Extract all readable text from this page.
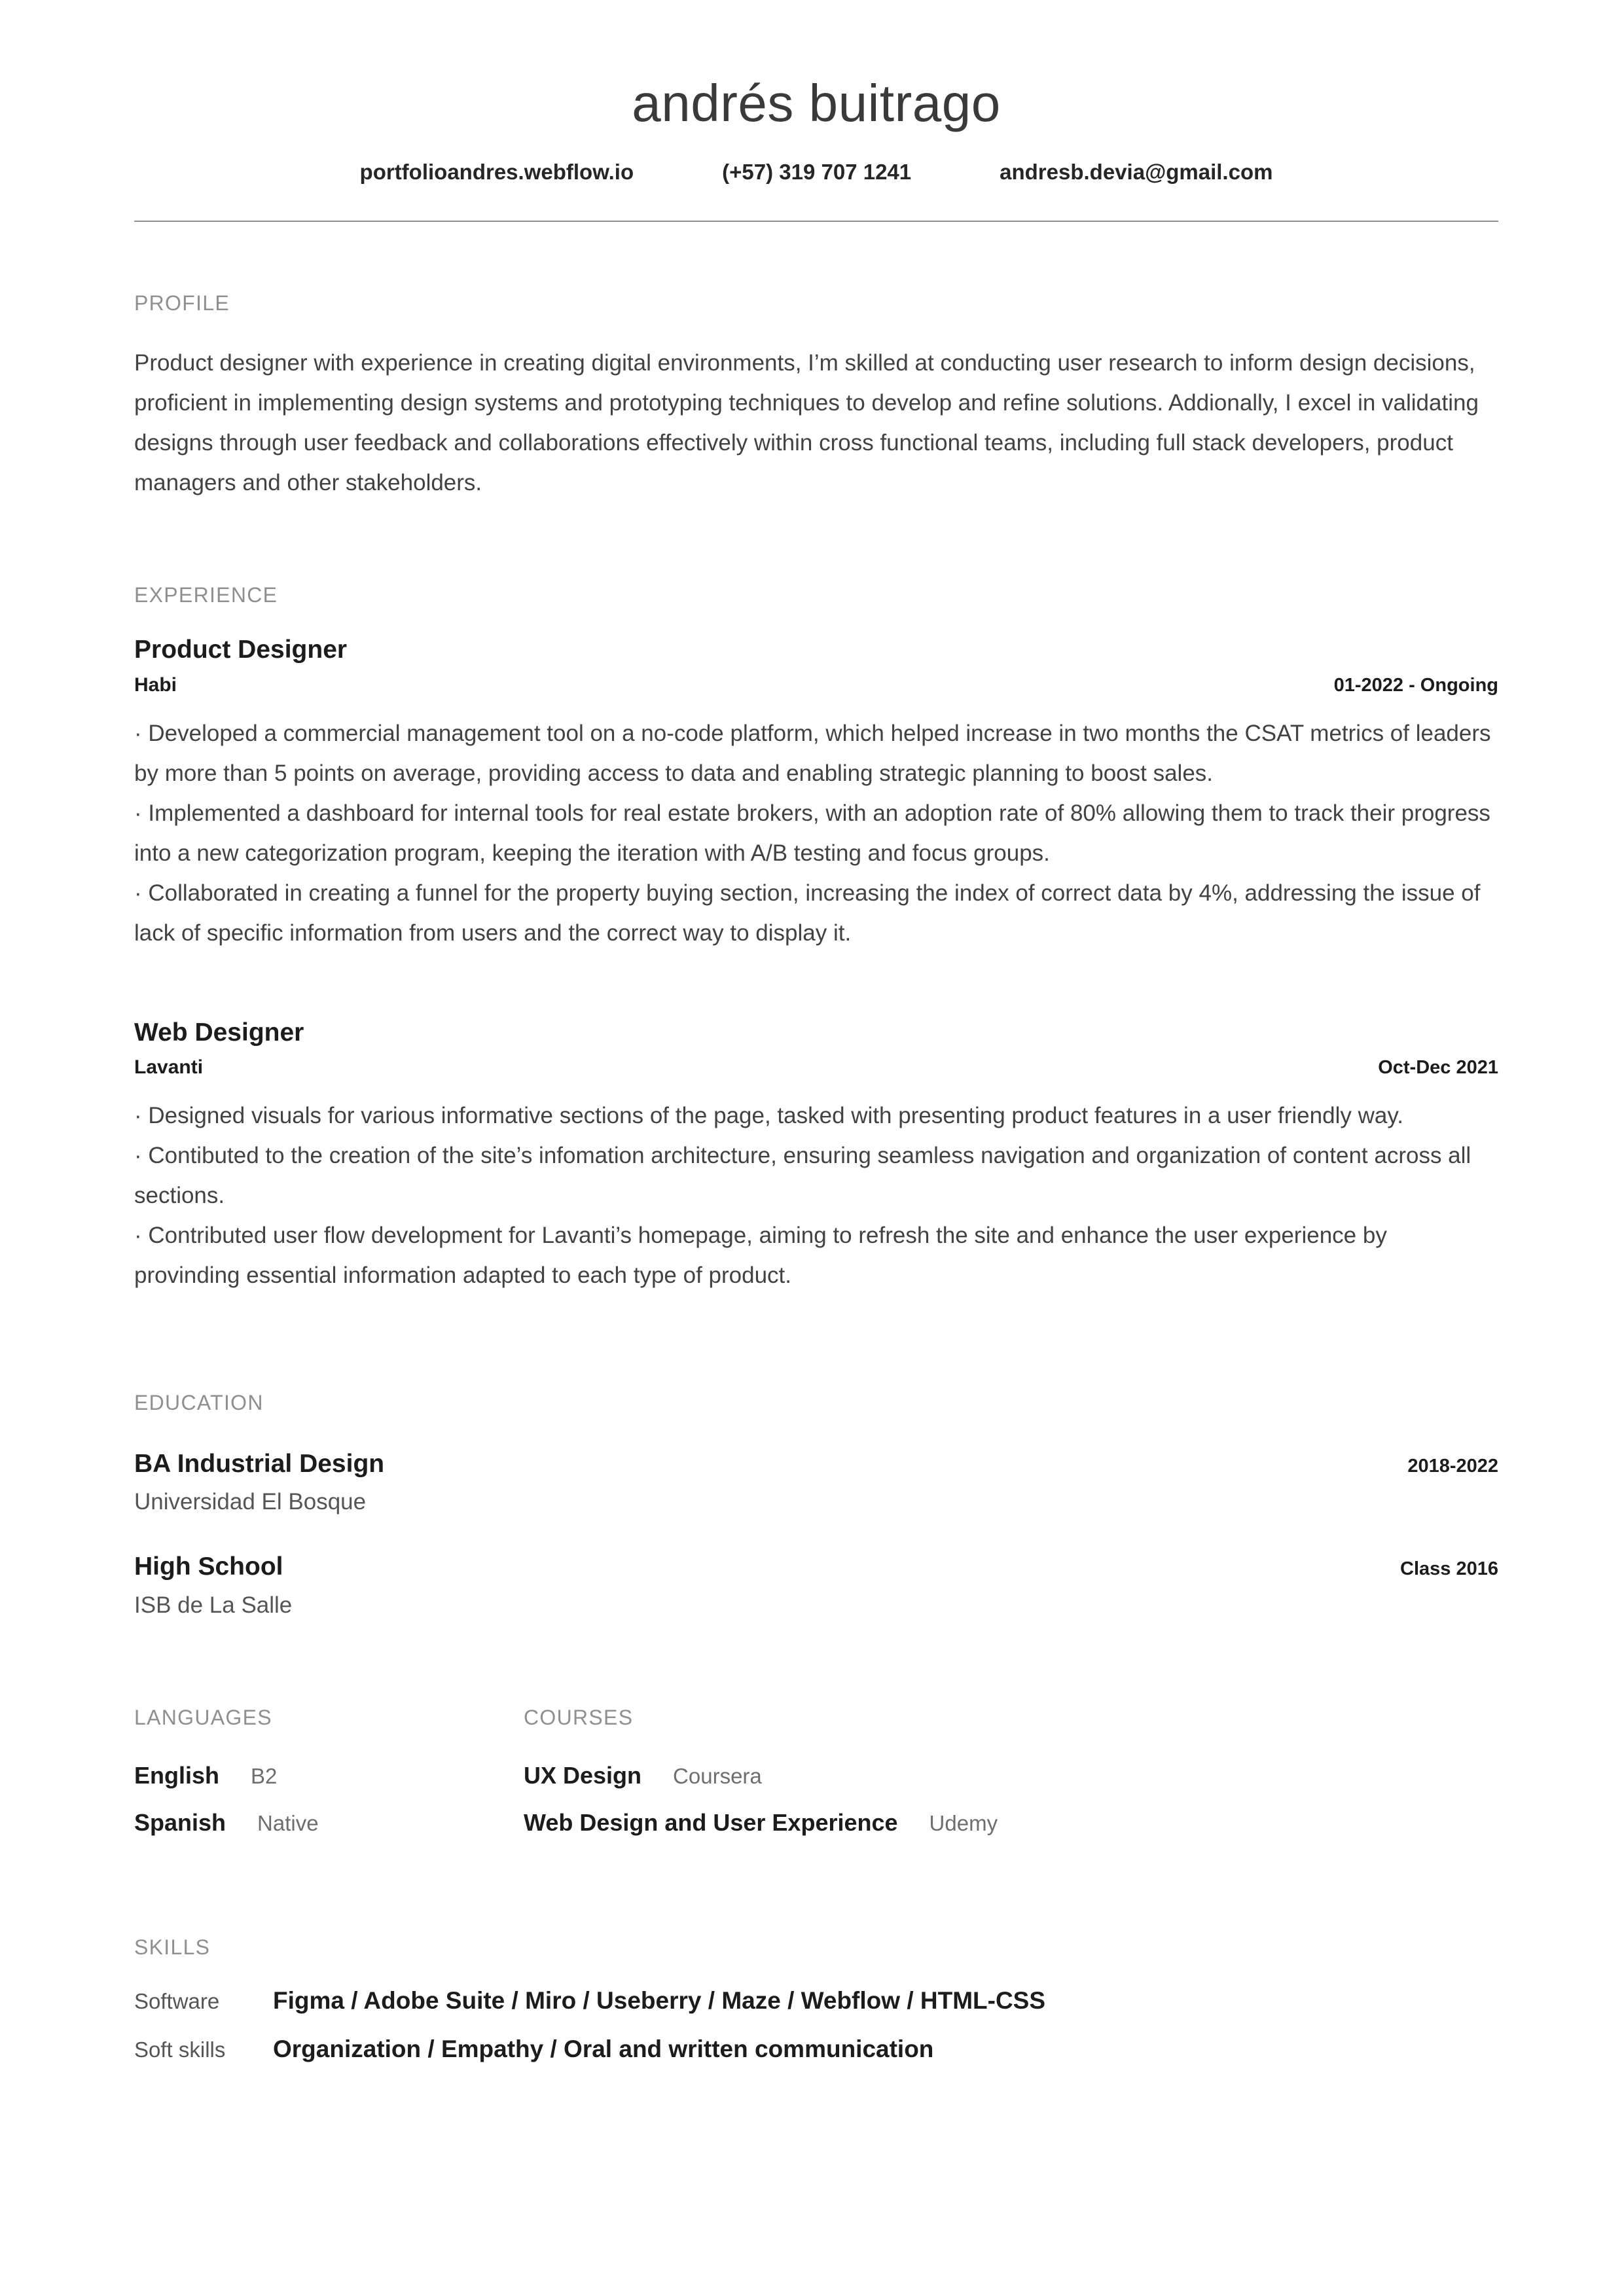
andrés buitrago
portfolioandres.webflow.io	(+57) 319 707 1241	andresb.devia@gmail.com
PROFILE

Product designer with experience in creating digital environments, I’m skilled at conducting user research to inform design decisions, proficient in implementing design systems and prototyping techniques to develop and refine solutions. Addionally, I excel in validating designs through user feedback and collaborations effectively within cross functional teams, including full stack developers, product managers and other stakeholders.

EXPERIENCE
Product Designer
Habi	01-2022 - Ongoing

· Developed a commercial management tool on a no-code platform, which helped increase in two months the CSAT metrics of leaders by more than 5 points on average, providing access to data and enabling strategic planning to boost sales.

· Implemented a dashboard for internal tools for real estate brokers, with an adoption rate of 80% allowing them to track their progress into a new categorization program, keeping the iteration with A/B testing and focus groups.

· Collaborated in creating a funnel for the property buying section, increasing the index of correct data by 4%, addressing the issue of lack of specific information from users and the correct way to display it.

Web Designer
Lavanti	Oct-Dec 2021

· Designed visuals for various informative sections of the page, tasked with presenting product features in a user friendly way.

· Contibuted to the creation of the site’s infomation architecture, ensuring seamless navigation and organization of content across all sections.

· Contributed user flow development for Lavanti’s homepage, aiming to refresh the site and enhance the user experience by provinding essential information adapted to each type of product.

EDUCATION
BA Industrial Design	2018-2022
Universidad El Bosque
High School	Class 2016
ISB de La Salle
LANGUAGES
English B2
Spanish Native
COURSES
UX Design Coursera
Web Design and User Experience Udemy
SKILLS
Software	Figma / Adobe Suite / Miro / Useberry / Maze / Webflow / HTML-CSS
Soft skills	Organization / Empathy / Oral and written communication
